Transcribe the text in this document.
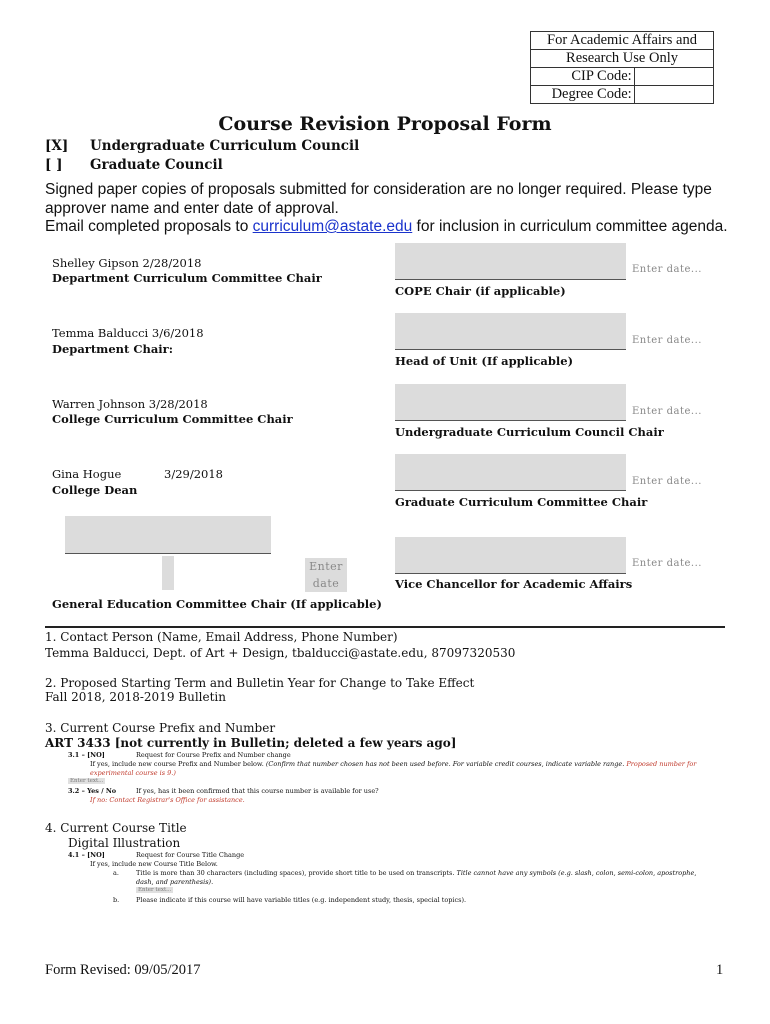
For Academic Affairs and	
Research Use Only	
CIP Code:	
Degree Code:	
Course Revision Proposal Form
[X] Undergraduate Curriculum Council
[ ] Graduate Council
Signed paper copies of proposals submitted for consideration are no longer required. Please type approver name and enter date of approval.
Email completed proposals to curriculum@astate.edu for inclusion in curriculum committee agenda.
Shelley Gipson 2/28/2018
Department Curriculum Committee Chair
Temma Balducci 3/6/2018
Department Chair:
Warren Johnson 3/28/2018
College Curriculum Committee Chair
Gina Hogue	3/29/2018
College Dean
Enter date...
COPE Chair (if applicable)
Enter date...
Head of Unit (If applicable)
Enter date...
Undergraduate Curriculum Council Chair
Enter date...
Graduate Curriculum Committee Chair
Enter date...
Vice Chancellor for Academic Affairs
Enter
date
General Education Committee Chair (If applicable)
1. Contact Person (Name, Email Address, Phone Number)
Temma Balducci, Dept. of Art + Design, tbalducci@astate.edu, 87097320530
2. Proposed Starting Term and Bulletin Year for Change to Take Effect
Fall 2018, 2018-2019 Bulletin
3. Current Course Prefix and Number
ART 3433 [not currently in Bulletin; deleted a few years ago]
3.1 – [NO]	Request for Course Prefix and Number change
If yes, include new course Prefix and Number below. (Confirm that number chosen has not been used before. For variable credit courses, indicate variable range. Proposed number for experimental course is 9.)
Enter text...
3.2 – Yes / No	If yes, has it been confirmed that this course number is available for use?
If no: Contact Registrar's Office for assistance.
4. Current Course Title
Digital Illustration
4.1 – [NO]	Request for Course Title Change
If yes, include new Course Title Below.
a.	Title is more than 30 characters (including spaces), provide short title to be used on transcripts. Title cannot have any symbols (e.g. slash, colon, semi-colon, apostrophe, dash, and parenthesis).
Enter text...
b.	Please indicate if this course will have variable titles (e.g. independent study, thesis, special topics).
Form Revised: 09/05/2017	1
